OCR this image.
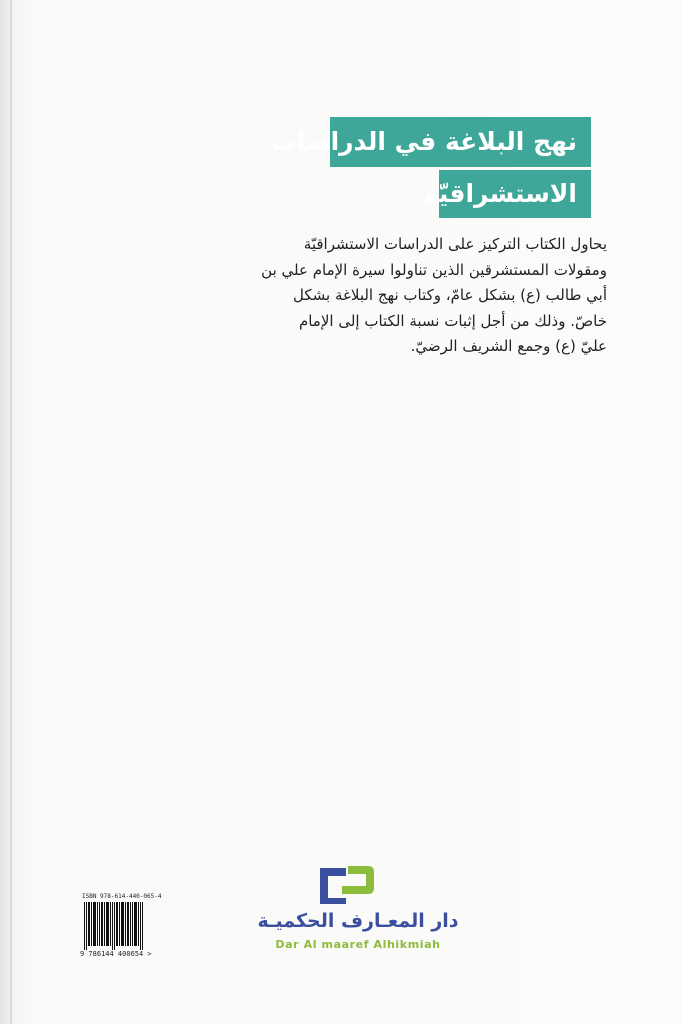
نهج البلاغة في الدراسات
الاستشراقيّة
يحاول الكتاب التركيز على الدراسات الاستشراقيّة
ومقولات المستشرقين الذين تناولوا سيرة الإمام علي بن
أبي طالب (ع) بشكل عامّ، وكتاب نهج البلاغة بشكل
خاصّ. وذلك من أجل إثبات نسبة الكتاب إلى الإمام
عليّ (ع) وجمع الشريف الرضيّ.
ISBN 978-614-440-065-4
9 786144 400654 >
دار المعـارف الحكميـة
Dar Al maaref Alhikmiah
